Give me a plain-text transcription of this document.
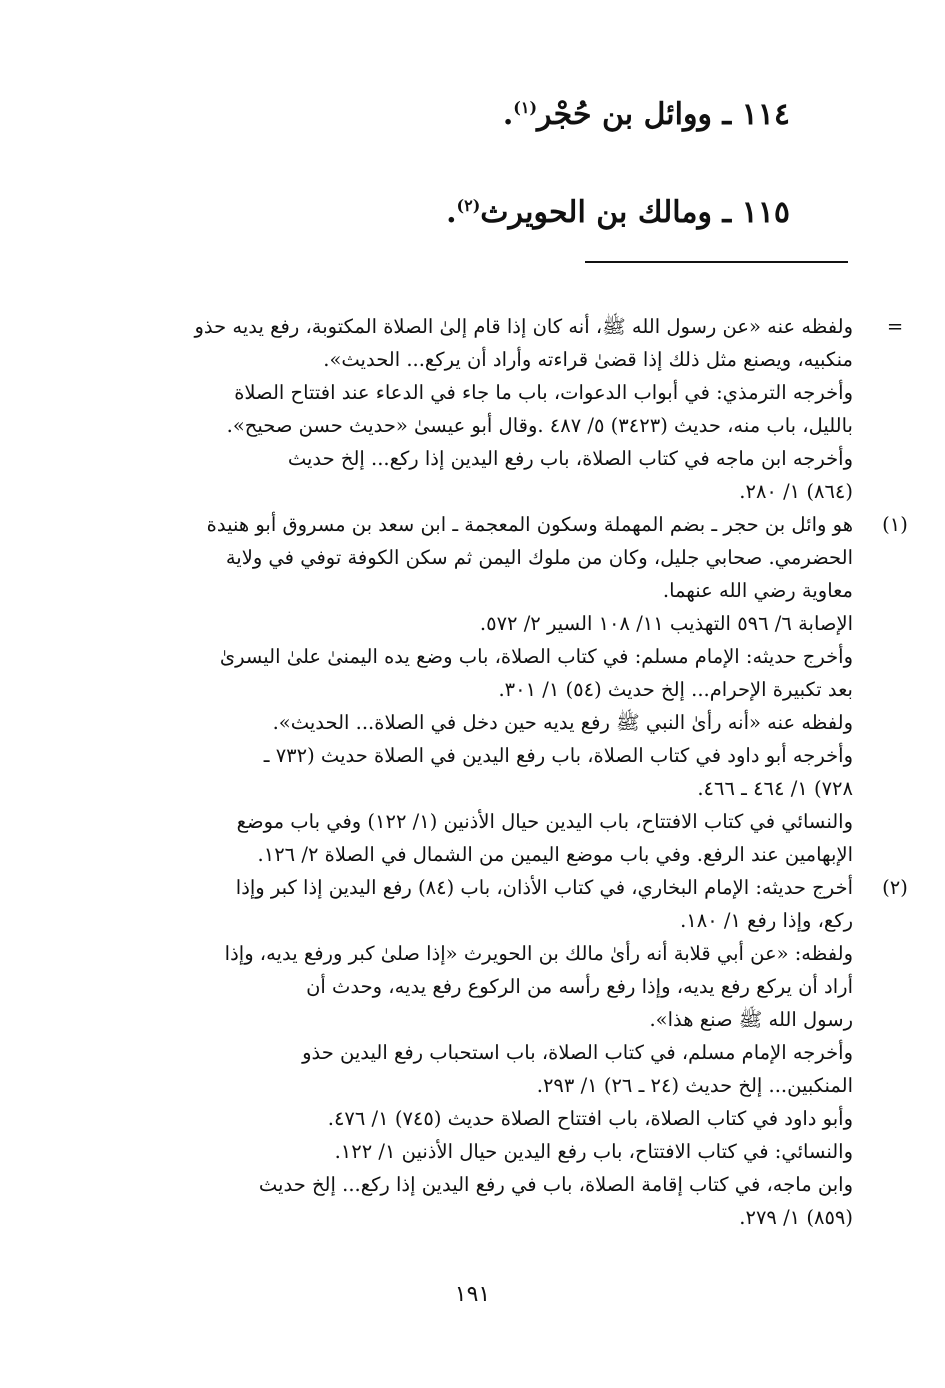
١١٤ ـ ووائل بن حُجْر$^{(١)}$.
١١٥ ـ ومالك بن الحويرث$^{(٢)}$.
=
ولفظه عنه «عن رسول الله ﷺ، أنه كان إذا قام إلىٰ الصلاة المكتوبة، رفع يديه حذو
منكبيه، ويصنع مثل ذلك إذا قضىٰ قراءته وأراد أن يركع... الحديث».
وأخرجه الترمذي: في أبواب الدعوات، باب ما جاء في الدعاء عند افتتاح الصلاة
بالليل، باب منه، حديث (٣٤٢٣) ٥/ ٤٨٧ .وقال أبو عيسىٰ «حديث حسن صحيح».
وأخرجه ابن ماجه في كتاب الصلاة، باب رفع اليدين إذا ركع... إلخ حديث
(٨٦٤) ١/ ٢٨٠.
(١)
هو وائل بن حجر ـ بضم المهملة وسكون المعجمة ـ ابن سعد بن مسروق أبو هنيدة
الحضرمي. صحابي جليل، وكان من ملوك اليمن ثم سكن الكوفة توفي في ولاية
معاوية رضي الله عنهما.
الإصابة ٦/ ٥٩٦ التهذيب ١١/ ١٠٨ السير ٢/ ٥٧٢.
وأخرج حديثه: الإمام مسلم: في كتاب الصلاة، باب وضع يده اليمنىٰ علىٰ اليسرىٰ
بعد تكبيرة الإحرام... إلخ حديث (٥٤) ١/ ٣٠١.
ولفظه عنه «أنه رأىٰ النبي ﷺ رفع يديه حين دخل في الصلاة... الحديث».
وأخرجه أبو داود في كتاب الصلاة، باب رفع اليدين في الصلاة حديث (٧٣٢ ـ
٧٢٨) ١/ ٤٦٤ ـ ٤٦٦.
والنسائي في كتاب الافتتاح، باب اليدين حيال الأذنين (١/ ١٢٢) وفي باب موضع
الإبهامين عند الرفع. وفي باب موضع اليمين من الشمال في الصلاة ٢/ ١٢٦.
(٢)
أخرج حديثه: الإمام البخاري، في كتاب الأذان، باب (٨٤) رفع اليدين إذا كبر وإذا
ركع، وإذا رفع ١/ ١٨٠.
ولفظه: «عن أبي قلابة أنه رأىٰ مالك بن الحويرث «إذا صلىٰ كبر ورفع يديه، وإذا
أراد أن يركع رفع يديه، وإذا رفع رأسه من الركوع رفع يديه، وحدث أن
رسول الله ﷺ صنع هذا».
وأخرجه الإمام مسلم، في كتاب الصلاة، باب استحباب رفع اليدين حذو
المنكبين... إلخ حديث (٢٤ ـ ٢٦) ١/ ٢٩٣.
وأبو داود في كتاب الصلاة، باب افتتاح الصلاة حديث (٧٤٥) ١/ ٤٧٦.
والنسائي: في كتاب الافتتاح، باب رفع اليدين حيال الأذنين ١/ ١٢٢.
وابن ماجه، في كتاب إقامة الصلاة، باب في رفع اليدين إذا ركع... إلخ حديث
(٨٥٩) ١/ ٢٧٩.
١٩١
